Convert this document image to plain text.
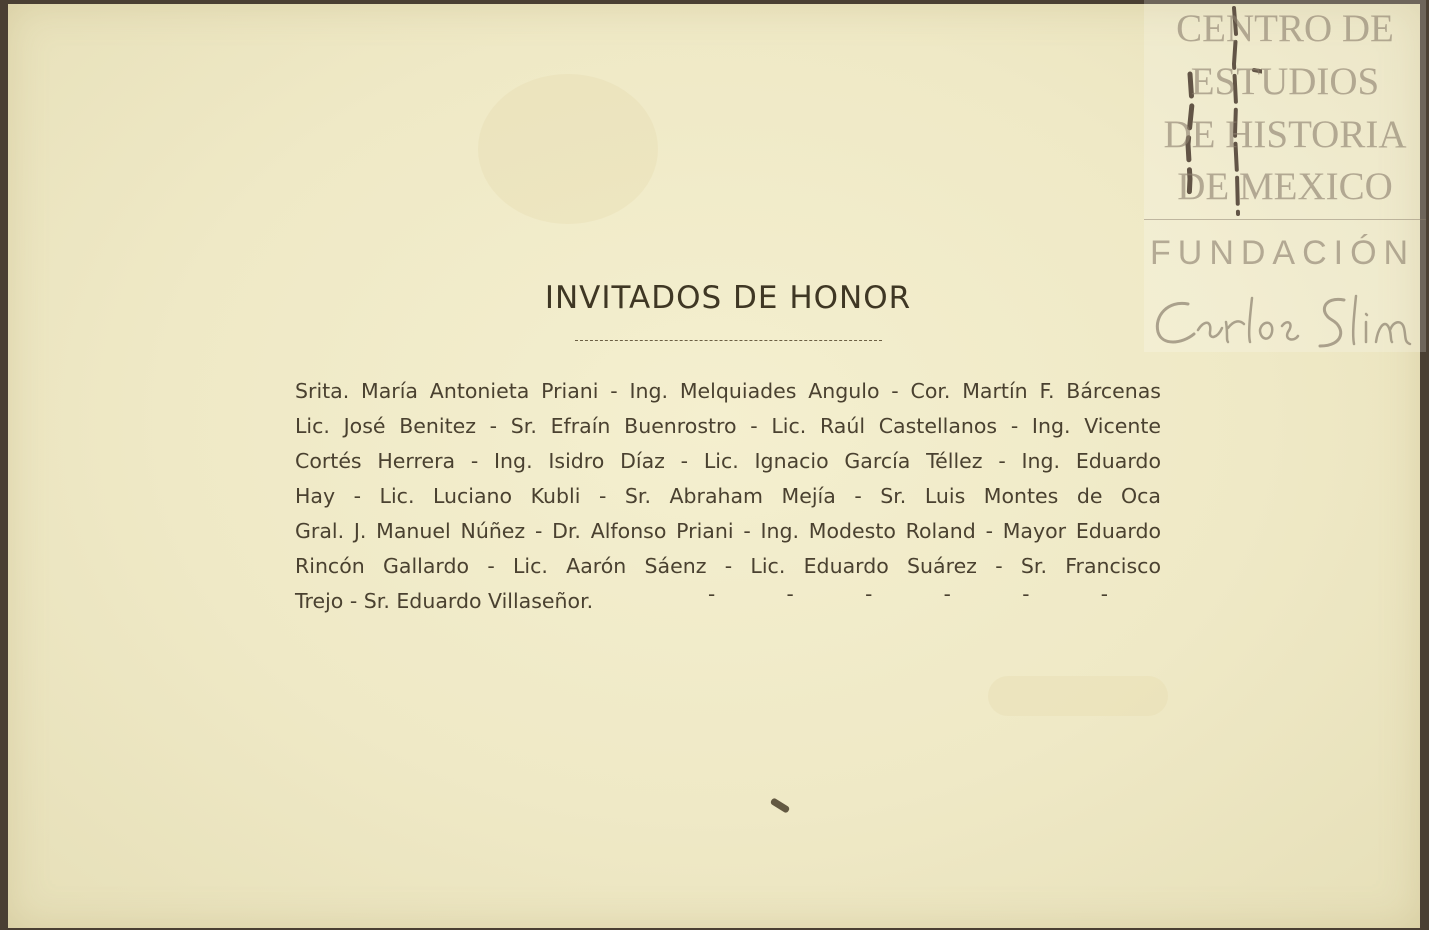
INVITADOS DE HONOR
Srita. María Antonieta Priani - Ing. Melquiades Angulo - Cor. Martín F. Bárcenas
Lic. José Benitez - Sr. Efraín Buenrostro - Lic. Raúl Castellanos - Ing. Vicente
Cortés Herrera - Ing. Isidro Díaz - Lic. Ignacio García Téllez - Ing. Eduardo
Hay - Lic. Luciano Kubli - Sr. Abraham Mejía - Sr. Luis Montes de Oca
Gral. J. Manuel Núñez - Dr. Alfonso Priani - Ing. Modesto Roland - Mayor Eduardo
Rincón Gallardo - Lic. Aarón Sáenz - Lic. Eduardo Suárez - Sr. Francisco
Trejo - Sr. Eduardo Villaseñor.	-	-	-	-	-	-
CENTRO DE
ESTUDIOS
DE HISTORIA
DE MEXICO
FUNDACIÓN
